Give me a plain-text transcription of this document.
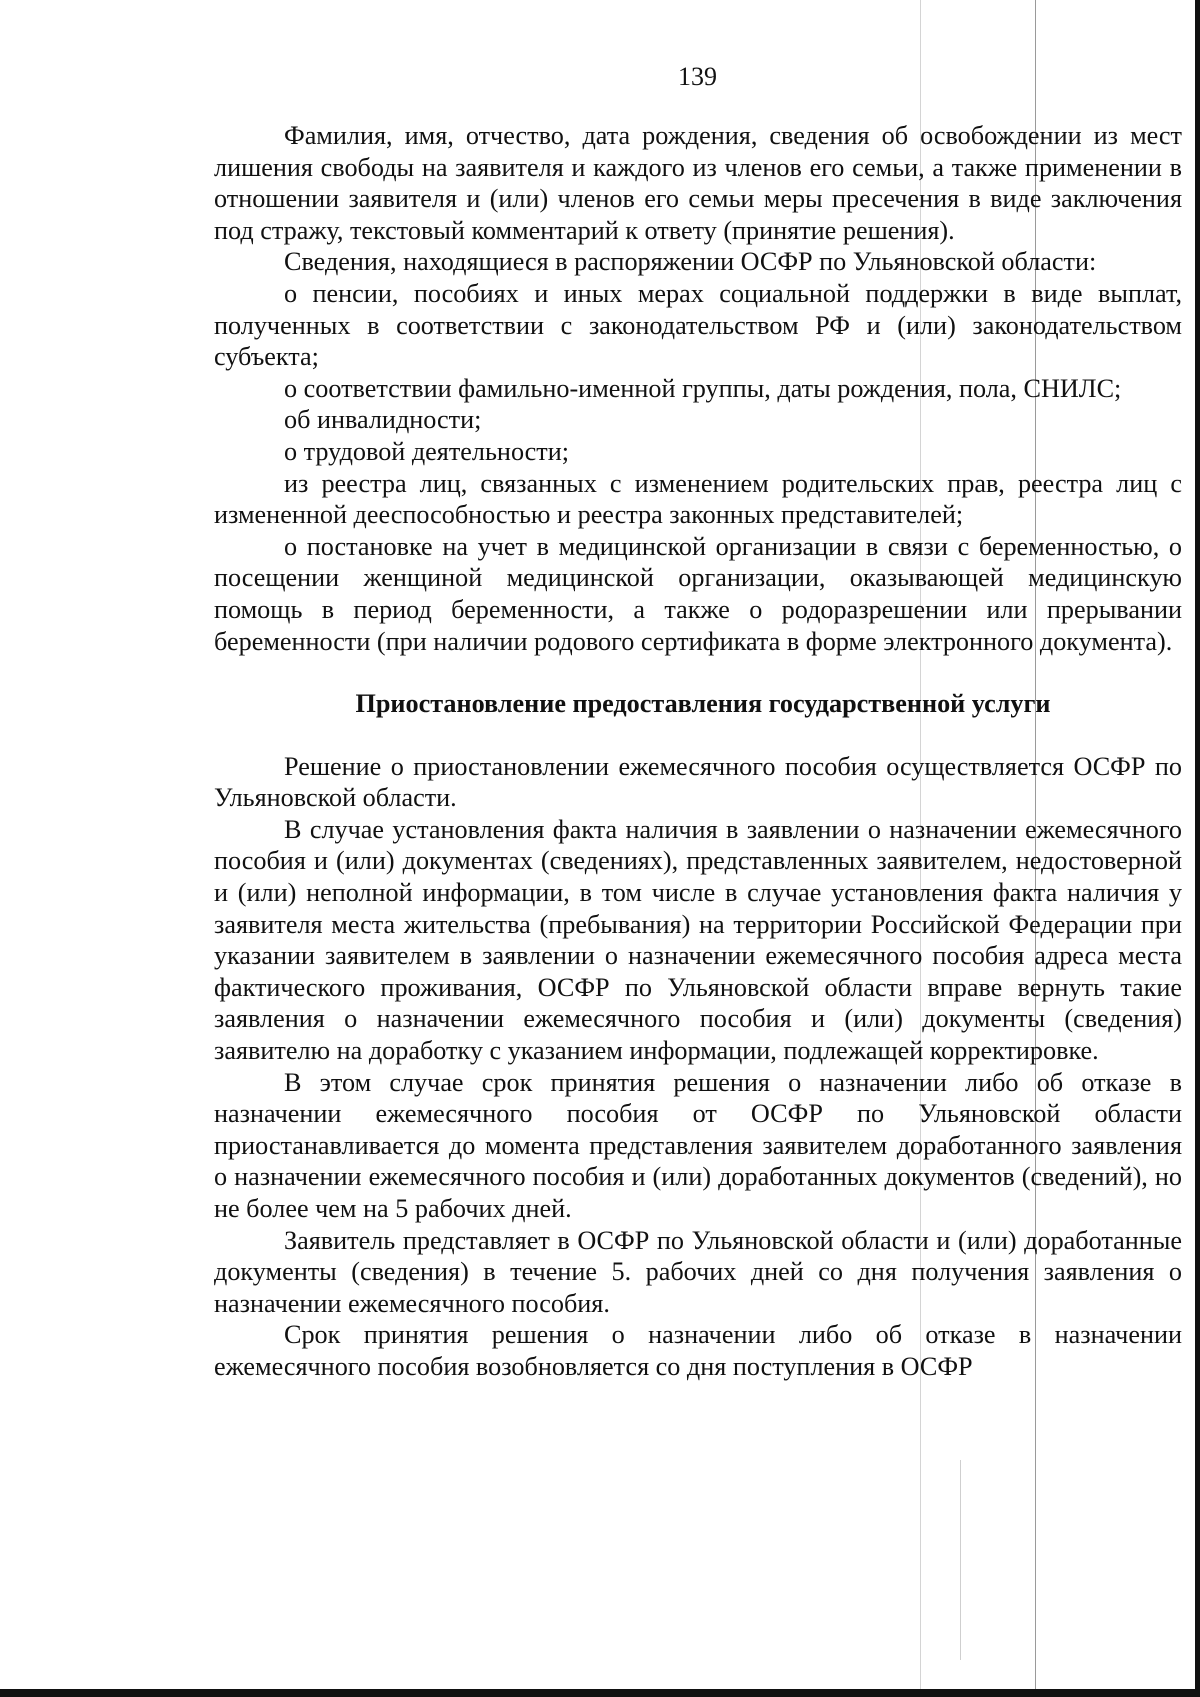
139

Фамилия, имя, отчество, дата рождения, сведения об освобождении из мест лишения свободы на заявителя и каждого из членов его семьи, а также применении в отношении заявителя и (или) членов его семьи меры пресечения в виде заключения под стражу, текстовый комментарий к ответу (принятие решения).

Сведения, находящиеся в распоряжении ОСФР по Ульяновской области:

о пенсии, пособиях и иных мерах социальной поддержки в виде выплат, полученных в соответствии с законодательством РФ и (или) законодательством субъекта;

о соответствии фамильно-именной группы, даты рождения, пола, СНИЛС;

об инвалидности;

о трудовой деятельности;

из реестра лиц, связанных с изменением родительских прав, реестра лиц с измененной дееспособностью и реестра законных представителей;

о постановке на учет в медицинской организации в связи с беременностью, о посещении женщиной медицинской организации, оказывающей медицинскую помощь в период беременности, а также о родоразрешении или прерывании беременности (при наличии родового сертификата в форме электронного документа).

Приостановление предоставления государственной услуги

Решение о приостановлении ежемесячного пособия осуществляется ОСФР по Ульяновской области.

В случае установления факта наличия в заявлении о назначении ежемесячного пособия и (или) документах (сведениях), представленных заявителем, недостоверной и (или) неполной информации, в том числе в случае установления факта наличия у заявителя места жительства (пребывания) на территории Российской Федерации при указании заявителем в заявлении о назначении ежемесячного пособия адреса места фактического проживания, ОСФР по Ульяновской области вправе вернуть такие заявления о назначении ежемесячного пособия и (или) документы (сведения) заявителю на доработку с указанием информации, подлежащей корректировке.

В этом случае срок принятия решения о назначении либо об отказе в назначении ежемесячного пособия от ОСФР по Ульяновской области приостанавливается до момента представления заявителем доработанного заявления о назначении ежемесячного пособия и (или) доработанных документов (сведений), но не более чем на 5 рабочих дней.

Заявитель представляет в ОСФР по Ульяновской области и (или) доработанные документы (сведения) в течение 5. рабочих дней со дня получения заявления о назначении ежемесячного пособия.

Срок принятия решения о назначении либо об отказе в назначении ежемесячного пособия возобновляется со дня поступления в ОСФР
